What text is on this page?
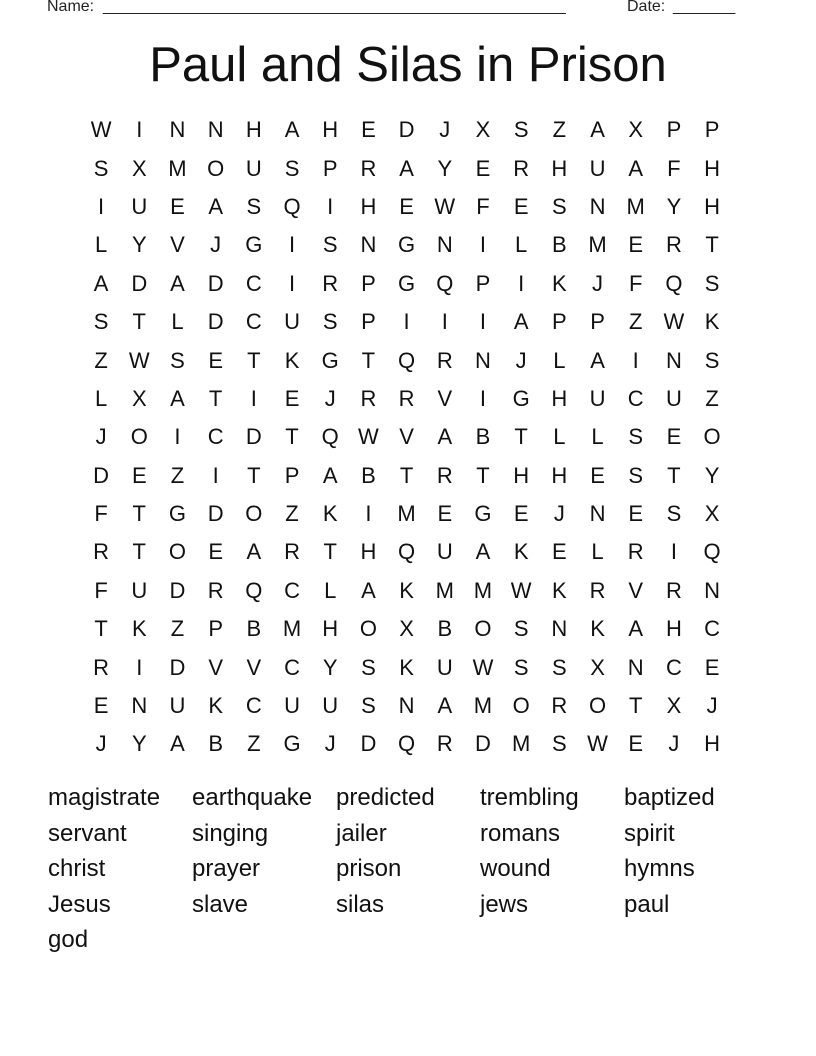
Name: ____________________________________________________	Date: _______
Paul and Silas in Prison
W	I	N	N	H	A	H	E	D	J	X	S	Z	A	X	P	P
S	X M O U	S	P	R	A	Y	E	R	H	U	A	F	H
I	U	E	A	S	Q	I	H	E W F	E	S	N M Y	H
L	Y	V	J	G	I	S	N G N	I	L	B M E	R	T
A	D	A	D	C	I	R	P	G Q	P	I	K	J	F	Q	S
S	T	L	D	C	U	S	P	I	I	I	A	P	P	Z W K
Z W S	E	T	K	G	T	Q R	N	J	L	A	I	N	S
L	X	A	T	I	E	J	R	R	V	I	G H	U	C	U	Z
J	O	I	C	D	T	Q W V	A	B	T	L	L	S	E	O
D	E	Z	I	T	P	A	B	T	R	T	H	H	E	S	T	Y
F	T	G D O	Z	K	I	M E	G	E	J	N	E	S	X
R	T	O	E	A	R	T	H Q U	A	K	E	L	R	I	Q
F	U	D	R Q C	L	A	K M M W K	R	V	R	N
T	K	Z	P	B M H O	X	B	O	S	N	K	A	H	C
R	I	D	V	V	C	Y	S	K	U W S	S	X	N	C	E
E	N	U	K	C	U	U	S	N	A M O R O	T	X	J
J	Y	A	B	Z	G	J	D Q R	D M S W E	J	H
magistrate	earthquake predicted	trembling	baptized
servant	singing	jailer	romans	spirit
christ	prayer	prison	wound	hymns
Jesus	slave	silas	jews	paul
god
